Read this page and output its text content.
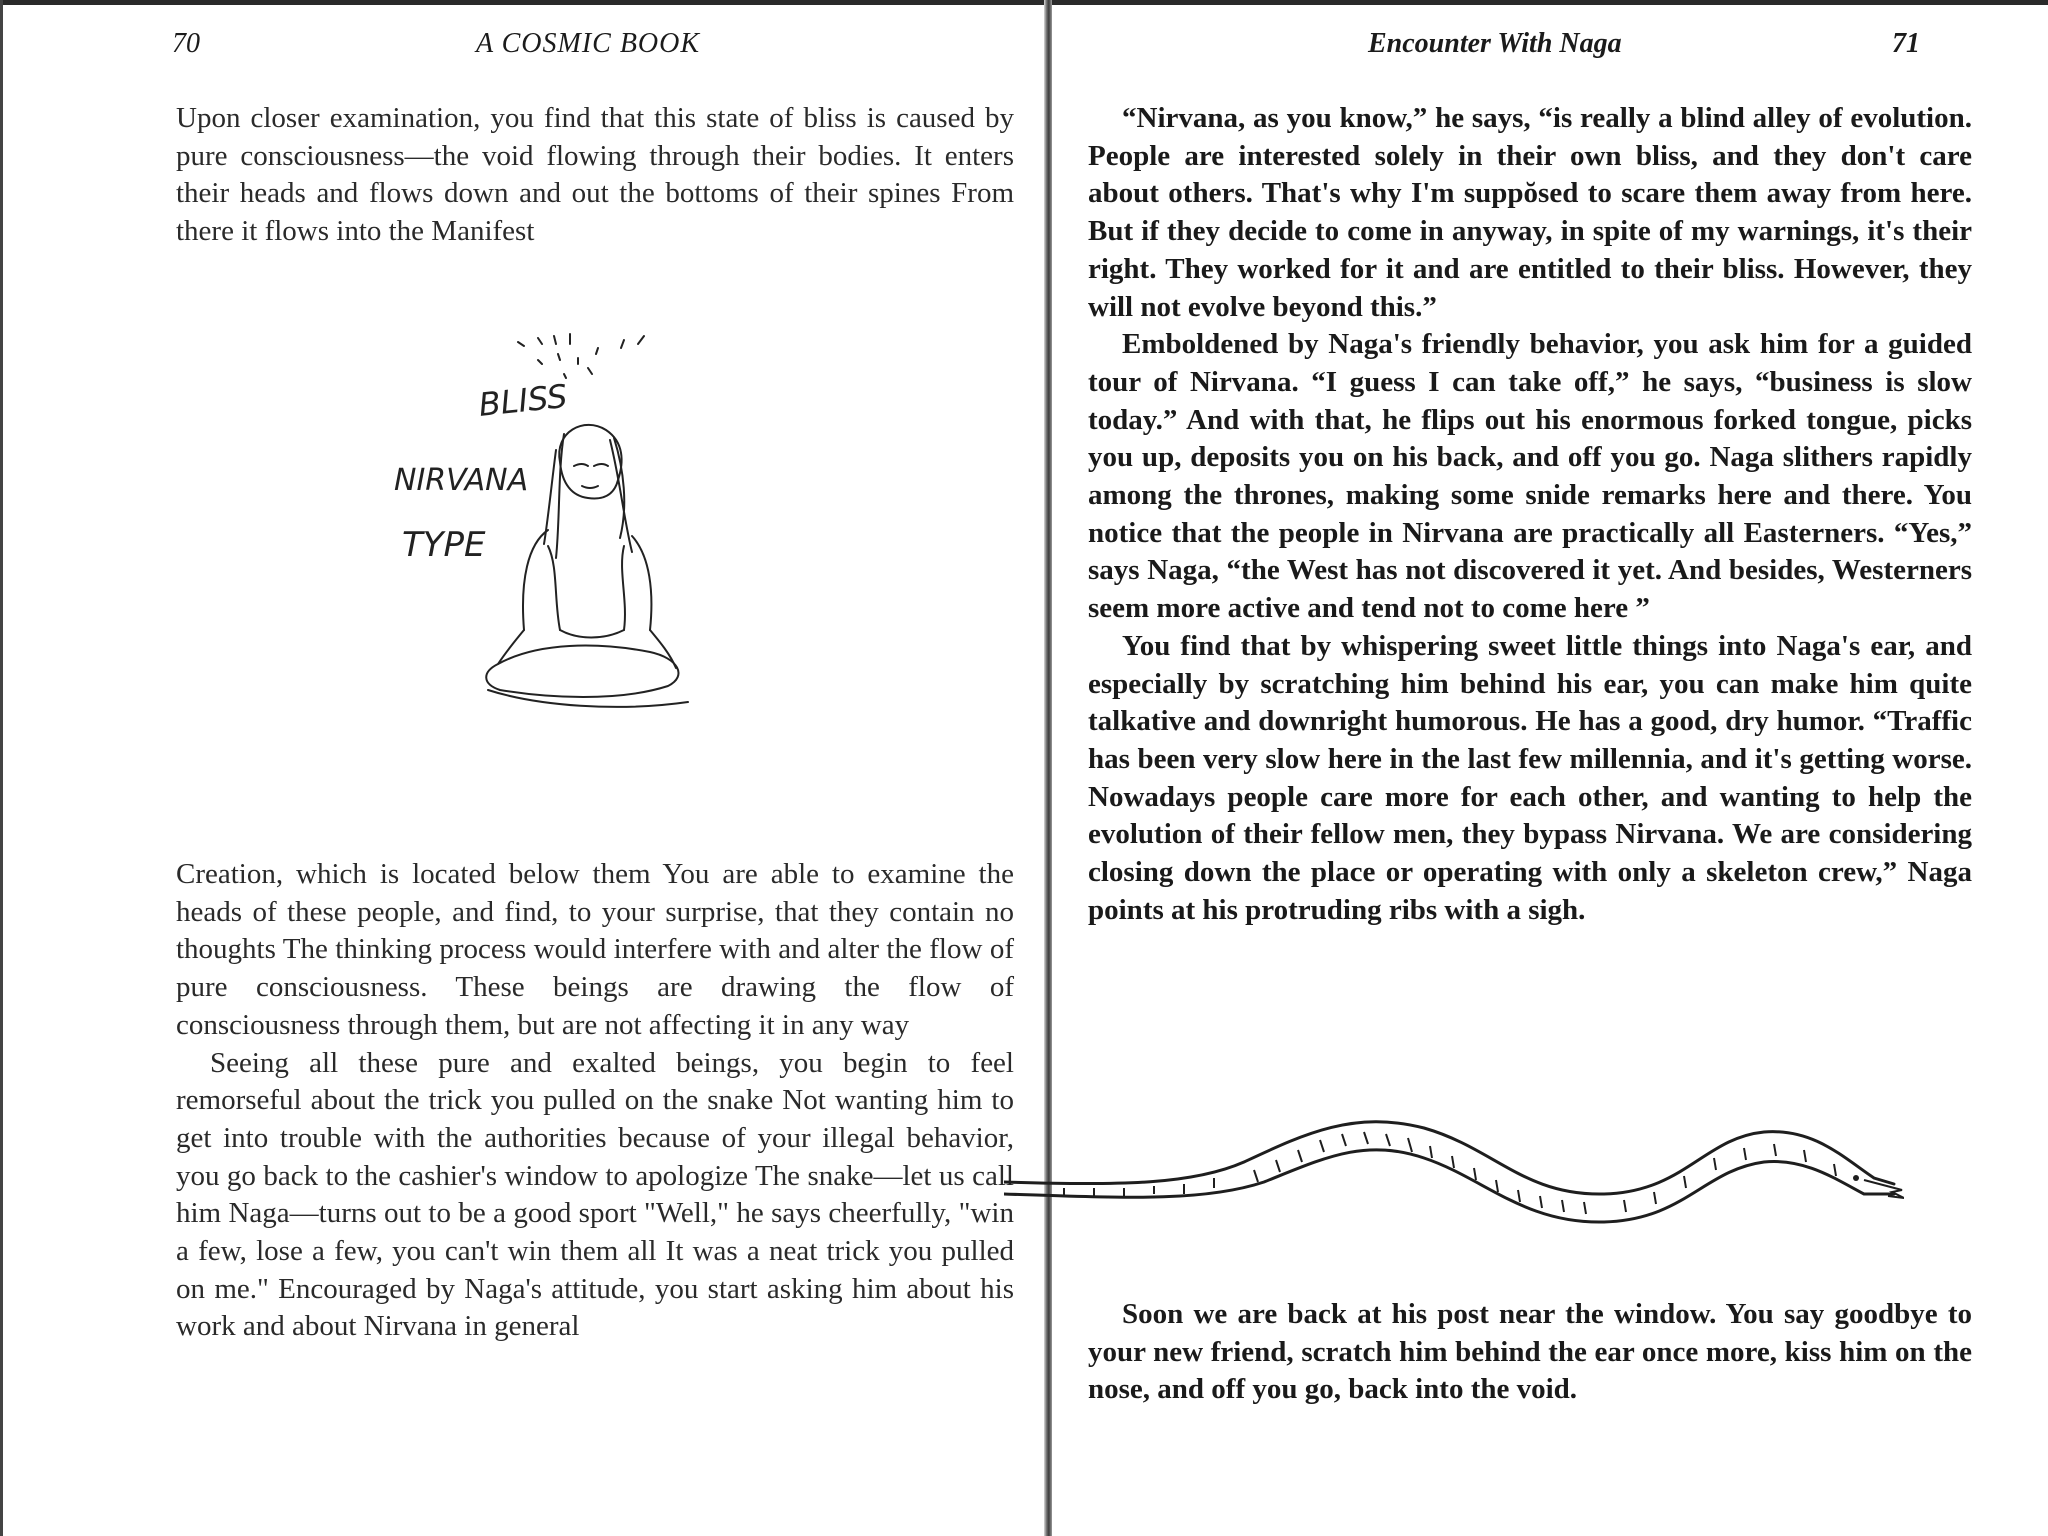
70	A COSMIC BOOK

Upon closer examination, you find that this state of bliss is caused by pure consciousness—the void flowing through their bodies. It enters their heads and flows down and out the bottoms of their spines From there it flows into the Manifest

BLISS
NIRVANA
TYPE

Creation, which is located below them You are able to examine the heads of these people, and find, to your surprise, that they contain no thoughts The thinking process would interfere with and alter the flow of pure consciousness. These beings are drawing the flow of consciousness through them, but are not affecting it in any way

Seeing all these pure and exalted beings, you begin to feel remorseful about the trick you pulled on the snake Not wanting him to get into trouble with the authorities because of your illegal behavior, you go back to the cashier's window to apologize The snake—let us call him Naga—turns out to be a good sport "Well," he says cheerfully, "win a few, lose a few, you can't win them all It was a neat trick you pulled on me." Encouraged by Naga's attitude, you start asking him about his work and about Nirvana in general

Encounter With Naga	71

“Nirvana, as you know,” he says, “is really a blind alley of evolution. People are interested solely in their own bliss, and they don't care about others. That's why I'm suppŏsed to scare them away from here. But if they decide to come in anyway, in spite of my warnings, it's their right. They worked for it and are entitled to their bliss. However, they will not evolve beyond this.”

Emboldened by Naga's friendly behavior, you ask him for a guided tour of Nirvana. “I guess I can take off,” he says, “business is slow today.” And with that, he flips out his enormous forked tongue, picks you up, deposits you on his back, and off you go. Naga slithers rapidly among the thrones, making some snide remarks here and there. You notice that the people in Nirvana are practically all Easterners. “Yes,” says Naga, “the West has not discovered it yet. And besides, Westerners seem more active and tend not to come here ”

You find that by whispering sweet little things into Naga's ear, and especially by scratching him behind his ear, you can make him quite talkative and downright humorous. He has a good, dry humor. “Traffic has been very slow here in the last few millennia, and it's getting worse. Nowadays people care more for each other, and wanting to help the evolution of their fellow men, they bypass Nirvana. We are considering closing down the place or operating with only a skeleton crew,” Naga points at his protruding ribs with a sigh.

Soon we are back at his post near the window. You say goodbye to your new friend, scratch him behind the ear once more, kiss him on the nose, and off you go, back into the void.
